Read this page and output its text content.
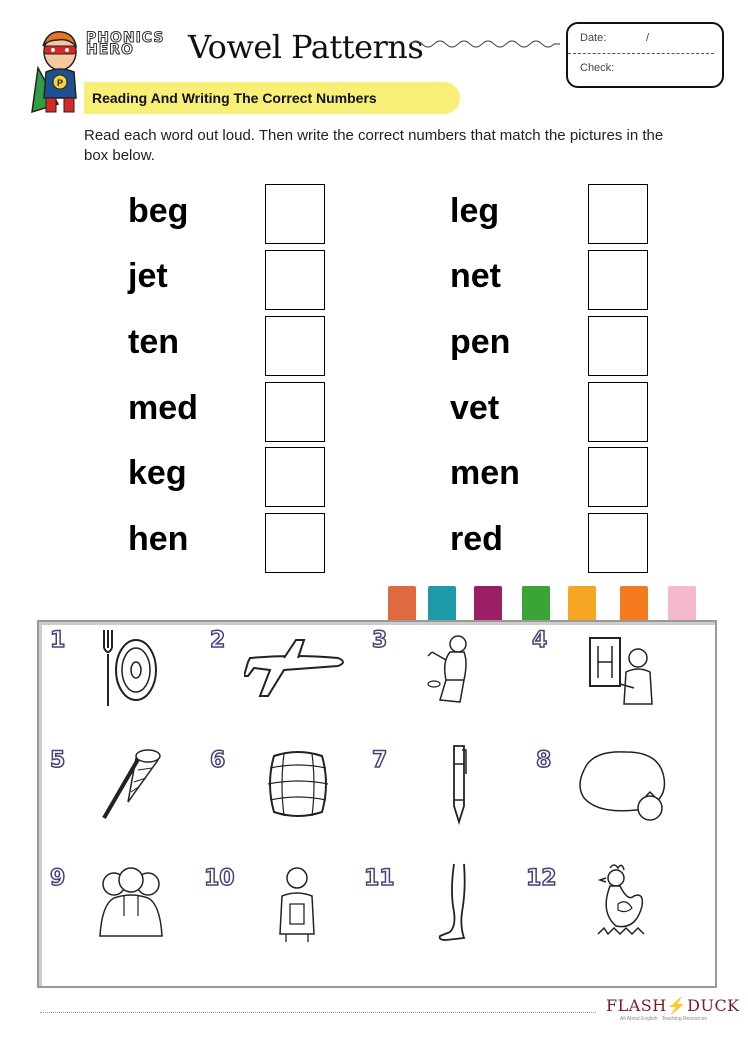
P
PHONICS
HERO	Vowel Patterns	Date:	/
Check:
Reading And Writing The Correct Numbers
Read each word out loud. Then write the correct numbers that match the pictures in the box below.
beg
jet
ten
med
keg
hen
leg
net
pen
vet
men
red
1	2	3	4
5	6	7	8
9	10	11	12
FLASH⚡DUCK
All About English Teaching Resources
